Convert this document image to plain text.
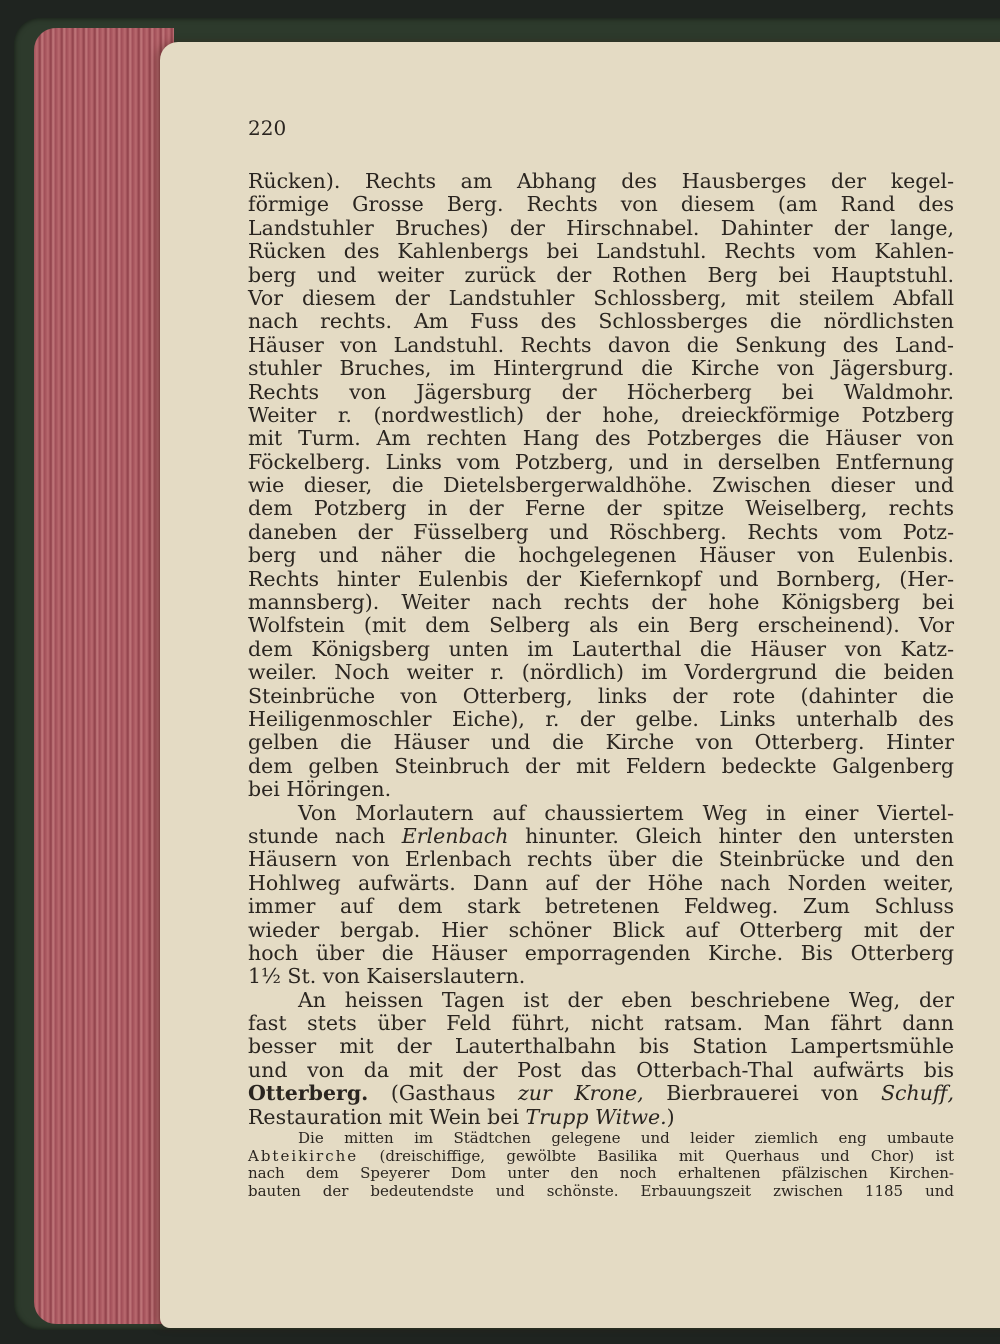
220
Rücken). Rechts am Abhang des Hausberges der kegel-
förmige Grosse Berg. Rechts von diesem (am Rand des
Landstuhler Bruches) der Hirschnabel. Dahinter der lange,
Rücken des Kahlenbergs bei Landstuhl. Rechts vom Kahlen-
berg und weiter zurück der Rothen Berg bei Hauptstuhl.
Vor diesem der Landstuhler Schlossberg, mit steilem Abfall
nach rechts. Am Fuss des Schlossberges die nördlichsten
Häuser von Landstuhl. Rechts davon die Senkung des Land-
stuhler Bruches, im Hintergrund die Kirche von Jägersburg.
Rechts von Jägersburg der Höcherberg bei Waldmohr.
Weiter r. (nordwestlich) der hohe, dreieckförmige Potzberg
mit Turm. Am rechten Hang des Potzberges die Häuser von
Föckelberg. Links vom Potzberg, und in derselben Entfernung
wie dieser, die Dietelsbergerwaldhöhe. Zwischen dieser und
dem Potzberg in der Ferne der spitze Weiselberg, rechts
daneben der Füsselberg und Röschberg. Rechts vom Potz-
berg und näher die hochgelegenen Häuser von Eulenbis.
Rechts hinter Eulenbis der Kiefernkopf und Bornberg, (Her-
mannsberg). Weiter nach rechts der hohe Königsberg bei
Wolfstein (mit dem Selberg als ein Berg erscheinend). Vor
dem Königsberg unten im Lauterthal die Häuser von Katz-
weiler. Noch weiter r. (nördlich) im Vordergrund die beiden
Steinbrüche von Otterberg, links der rote (dahinter die
Heiligenmoschler Eiche), r. der gelbe. Links unterhalb des
gelben die Häuser und die Kirche von Otterberg. Hinter
dem gelben Steinbruch der mit Feldern bedeckte Galgenberg
bei Höringen.
Von Morlautern auf chaussiertem Weg in einer Viertel-
stunde nach Erlenbach hinunter. Gleich hinter den untersten
Häusern von Erlenbach rechts über die Steinbrücke und den
Hohlweg aufwärts. Dann auf der Höhe nach Norden weiter,
immer auf dem stark betretenen Feldweg. Zum Schluss
wieder bergab. Hier schöner Blick auf Otterberg mit der
hoch über die Häuser emporragenden Kirche. Bis Otterberg
1½ St. von Kaiserslautern.
An heissen Tagen ist der eben beschriebene Weg, der
fast stets über Feld führt, nicht ratsam. Man fährt dann
besser mit der Lauterthalbahn bis Station Lampertsmühle
und von da mit der Post das Otterbach-Thal aufwärts bis
Otterberg. (Gasthaus zur Krone, Bierbrauerei von Schuff,
Restauration mit Wein bei Trupp Witwe.)
Die mitten im Städtchen gelegene und leider ziemlich eng umbaute
Abteikirche (dreischiffige, gewölbte Basilika mit Querhaus und Chor) ist
nach dem Speyerer Dom unter den noch erhaltenen pfälzischen Kirchen-
bauten der bedeutendste und schönste. Erbauungszeit zwischen 1185 und
